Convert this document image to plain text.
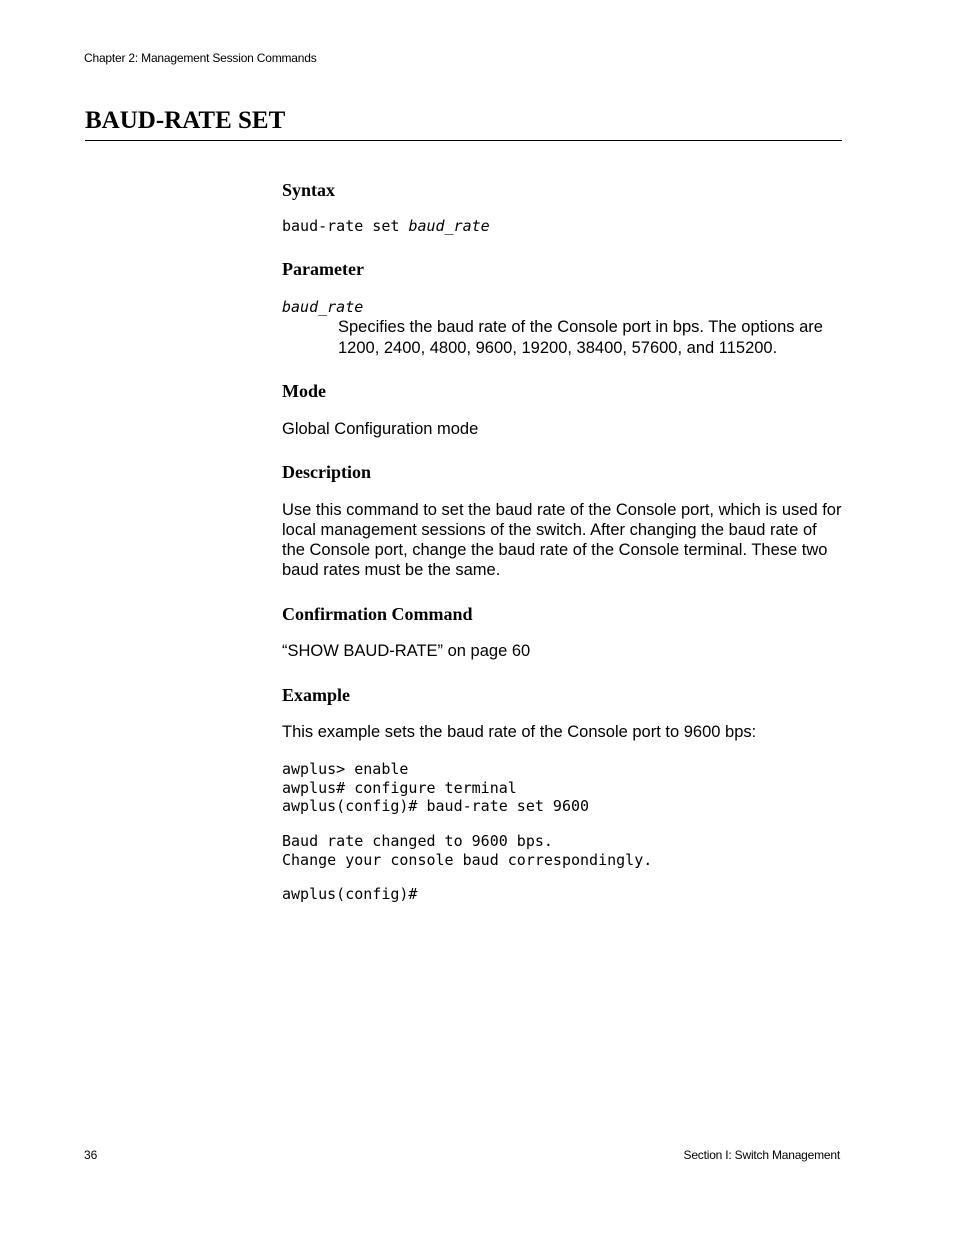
Chapter 2: Management Session Commands
BAUD-RATE SET
Syntax

baud-rate set baud_rate

Parameter

baud_rate

Specifies the baud rate of the Console port in bps. The options are 1200, 2400, 4800, 9600, 19200, 38400, 57600, and 115200.

Mode

Global Configuration mode

Description

Use this command to set the baud rate of the Console port, which is used for local management sessions of the switch. After changing the baud rate of the Console port, change the baud rate of the Console terminal. These two baud rates must be the same.

Confirmation Command

“SHOW BAUD-RATE” on page 60

Example

This example sets the baud rate of the Console port to 9600 bps:

awplus> enable
awplus# configure terminal
awplus(config)# baud-rate set 9600
Baud rate changed to 9600 bps.
Change your console baud correspondingly.
awplus(config)#
36	Section I: Switch Management
